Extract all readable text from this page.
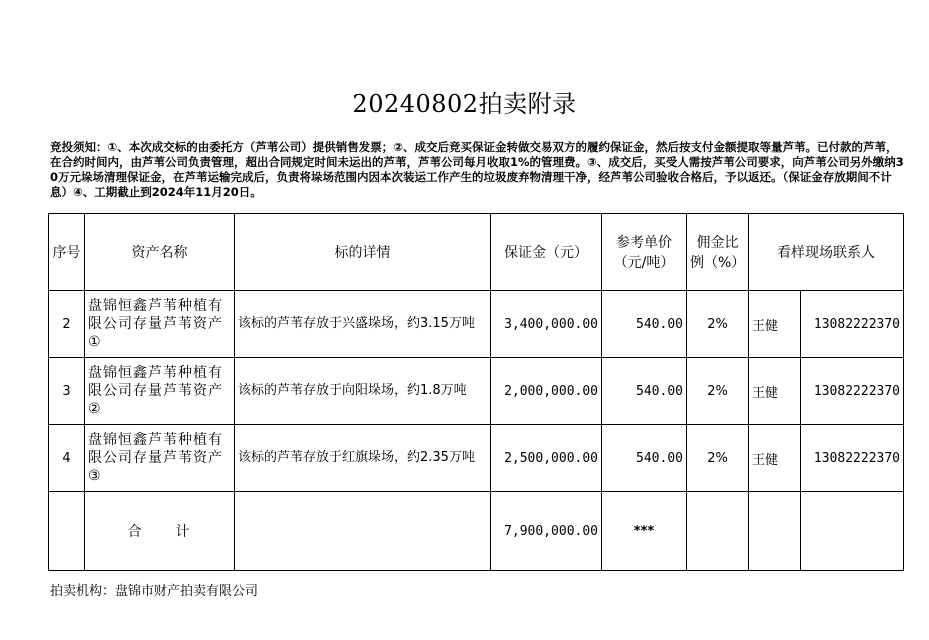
20240802拍卖附录
竞投须知：①、本次成交标的由委托方（芦苇公司）提供销售发票；②、成交后竞买保证金转做交易双方的履约保证金，然后按支付金额提取等量芦苇。已付款的芦苇，在合约时间内，由芦苇公司负责管理，超出合同规定时间未运出的芦苇，芦苇公司每月收取1%的管理费。③、成交后，买受人需按芦苇公司要求，向芦苇公司另外缴纳30万元垛场清理保证金，在芦苇运输完成后，负责将垛场范围内因本次装运工作产生的垃圾废弃物清理干净，经芦苇公司验收合格后，予以返还。（保证金存放期间不计息）④、工期截止到2024年11月20日。
序号	资产名称	标的详情	保证金（元）	参考单价（元/吨）	佣金比例（%）	看样现场联系人	
2	盘锦恒鑫芦苇种植有限公司存量芦苇资产①	该标的芦苇存放于兴盛垛场，约3.15万吨	3,400,000.00	540.00	2%	王健	13082222370
3	盘锦恒鑫芦苇种植有限公司存量芦苇资产②	该标的芦苇存放于向阳垛场，约1.8万吨	2,000,000.00	540.00	2%	王健	13082222370
4	盘锦恒鑫芦苇种植有限公司存量芦苇资产③	该标的芦苇存放于红旗垛场，约2.35万吨	2,500,000.00	540.00	2%	王健	13082222370
	合　　计		7,900,000.00	***			
拍卖机构：盘锦市财产拍卖有限公司
